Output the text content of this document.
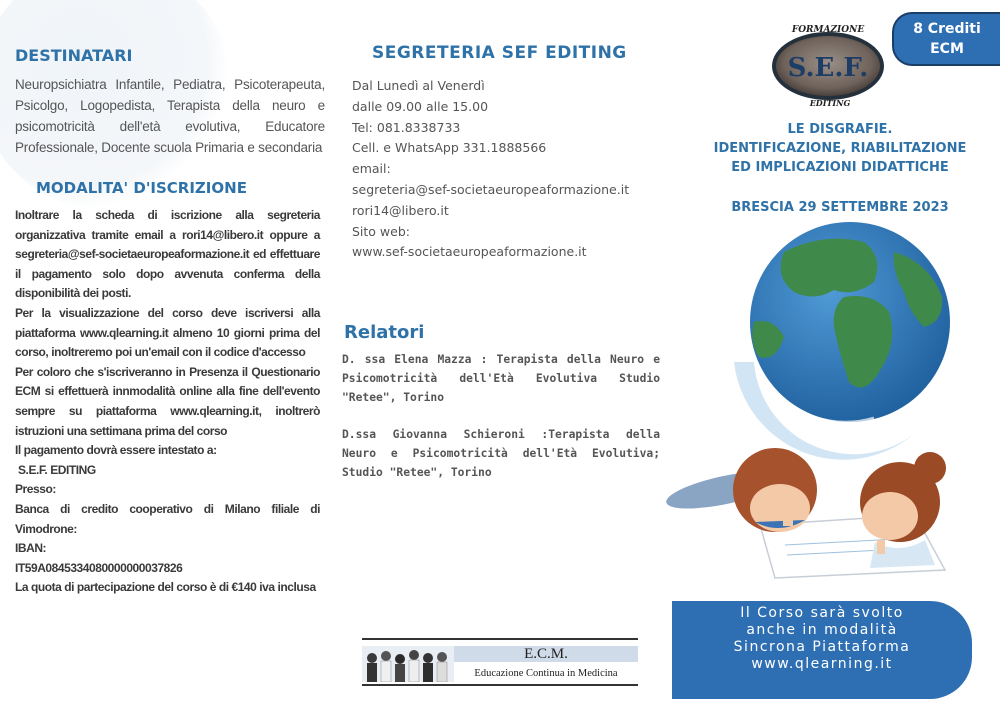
DESTINATARI
Neuropsichiatra Infantile, Pediatra, Psicoterapeuta, Psicolgo, Logopedista, Terapista della neuro e psicomotricità dell'età evolutiva, Educatore Professionale, Docente scuola Primaria e secondaria
MODALITA' D'ISCRIZIONE

Inoltrare la scheda di iscrizione alla segreteria organizzativa tramite email a rori14@libero.it oppure a segreteria@sef-societaeuropeaformazione.it ed effettuare il pagamento solo dopo avvenuta conferma della disponibilità dei posti.

Per la visualizzazione del corso deve iscriversi alla piattaforma www.qlearning.it almeno 10 giorni prima del corso, inoltreremo poi un'email con il codice d'accesso

Per coloro che s'iscriveranno in Presenza il Questionario ECM si effettuerà innmodalità online alla fine dell'evento sempre su piattaforma www.qlearning.it, inoltrerò istruzioni una settimana prima del corso

Il pagamento dovrà essere intestato a:

S.E.F. EDITING

Presso:

Banca di credito cooperativo di Milano filiale di Vimodrone:

IBAN:

IT59A0845334080000000037826

La quota di partecipazione del corso è di €140 iva inclusa

SEGRETERIA SEF EDITING
Dal Lunedì al Venerdì
dalle 09.00 alle 15.00
Tel: 081.8338733
Cell. e WhatsApp 331.1888566
email:
segreteria@sef-societaeuropeaformazione.it
rori14@libero.it
Sito web:
www.sef-societaeuropeaformazione.it
Relatori

D. ssa Elena Mazza : Terapista della Neuro e Psicomotricità dell'Età Evolutiva Studio "Retee", Torino

D.ssa Giovanna Schieroni :Terapista della Neuro e Psicomotricità dell'Età Evolutiva; Studio "Retee", Torino

E.C.M.
Educazione Continua in Medicina
8 Crediti
ECM
FORMAZIONE
S.E.F.
EDITING
LE DISGRAFIE.
IDENTIFICAZIONE, RIABILITAZIONE
ED IMPLICAZIONI DIDATTICHE
BRESCIA 29 SETTEMBRE 2023
Il Corso sarà svolto
anche in modalità
Sincrona Piattaforma
www.qlearning.it
